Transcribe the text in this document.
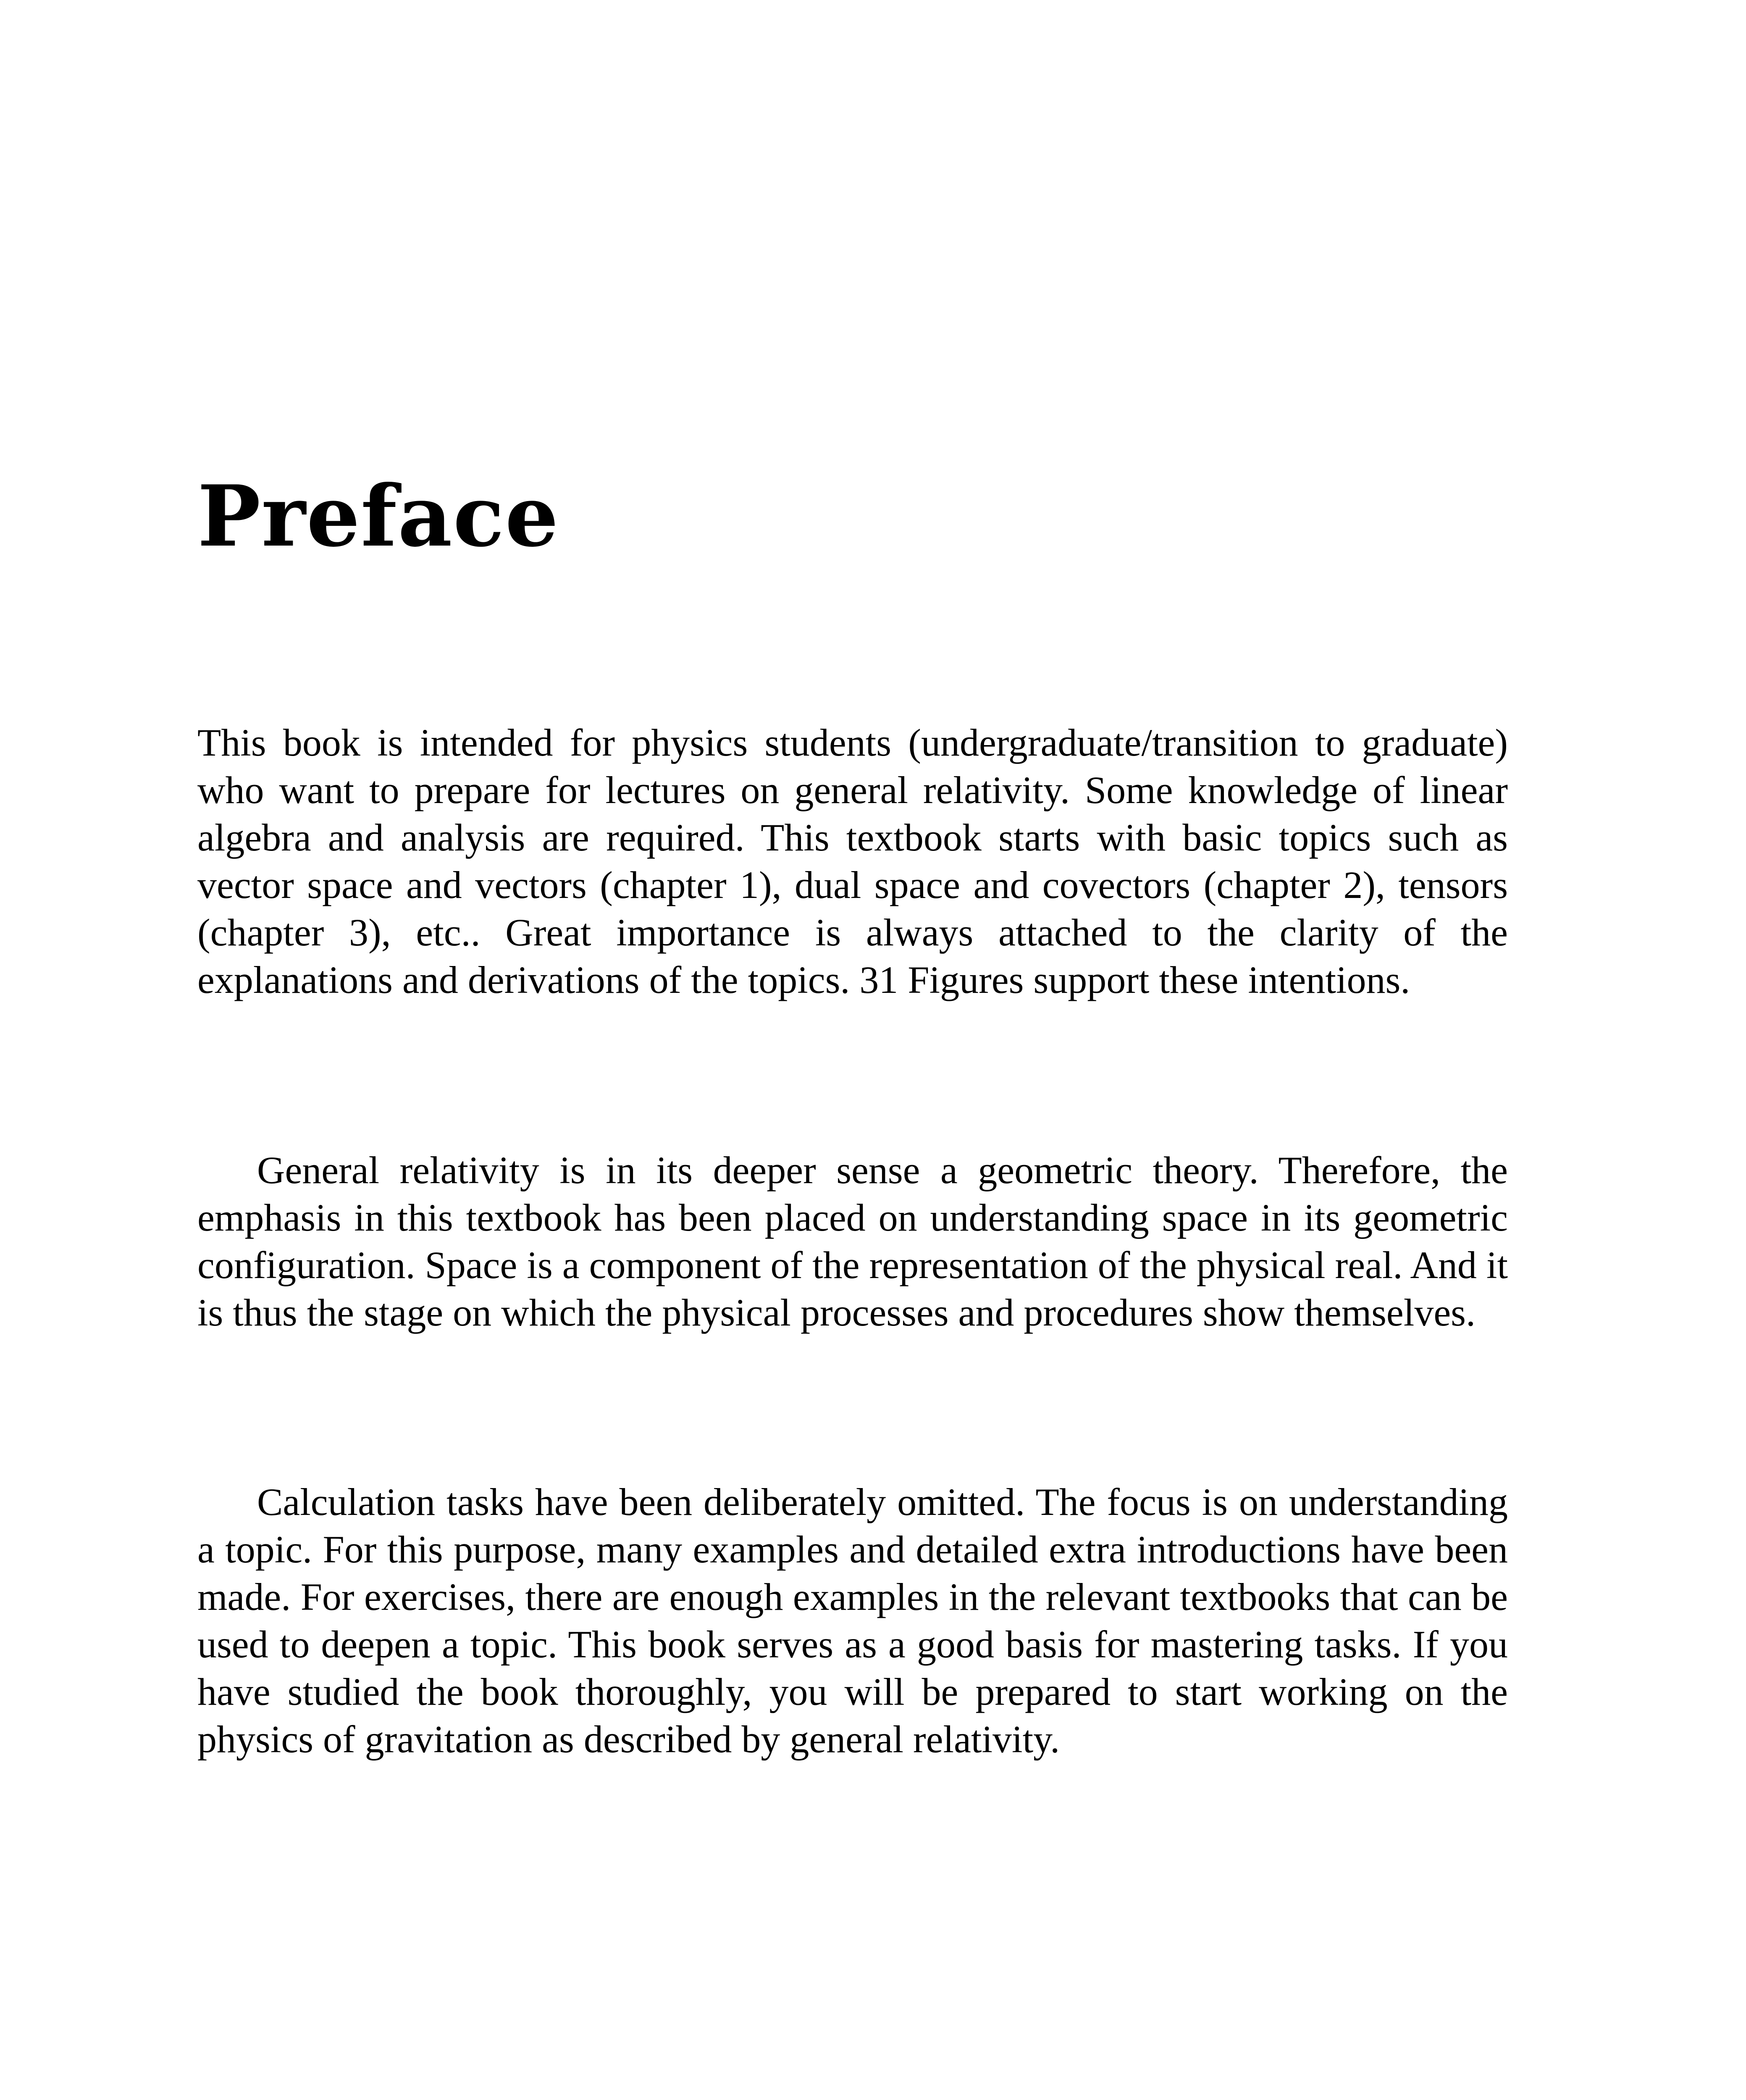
Preface

This book is intended for physics students (undergraduate/transition to graduate) who want to prepare for lectures on general relativity. Some knowledge of linear algebra and analysis are required. This textbook starts with basic topics such as vector space and vectors (chapter 1), dual space and covectors (chapter 2), tensors (chapter 3), etc.. Great importance is always attached to the clarity of the explanations and derivations of the topics. 31 Figures support these intentions.

General relativity is in its deeper sense a geometric theory. Therefore, the emphasis in this textbook has been placed on understanding space in its geometric configuration. Space is a component of the representation of the physical real. And it is thus the stage on which the physical processes and procedures show themselves.

Calculation tasks have been deliberately omitted. The focus is on understanding a topic. For this purpose, many examples and detailed extra introductions have been made. For exercises, there are enough examples in the relevant textbooks that can be used to deepen a topic. This book serves as a good basis for mastering tasks. If you have studied the book thoroughly, you will be prepared to start working on the physics of gravitation as described by general relativity.
